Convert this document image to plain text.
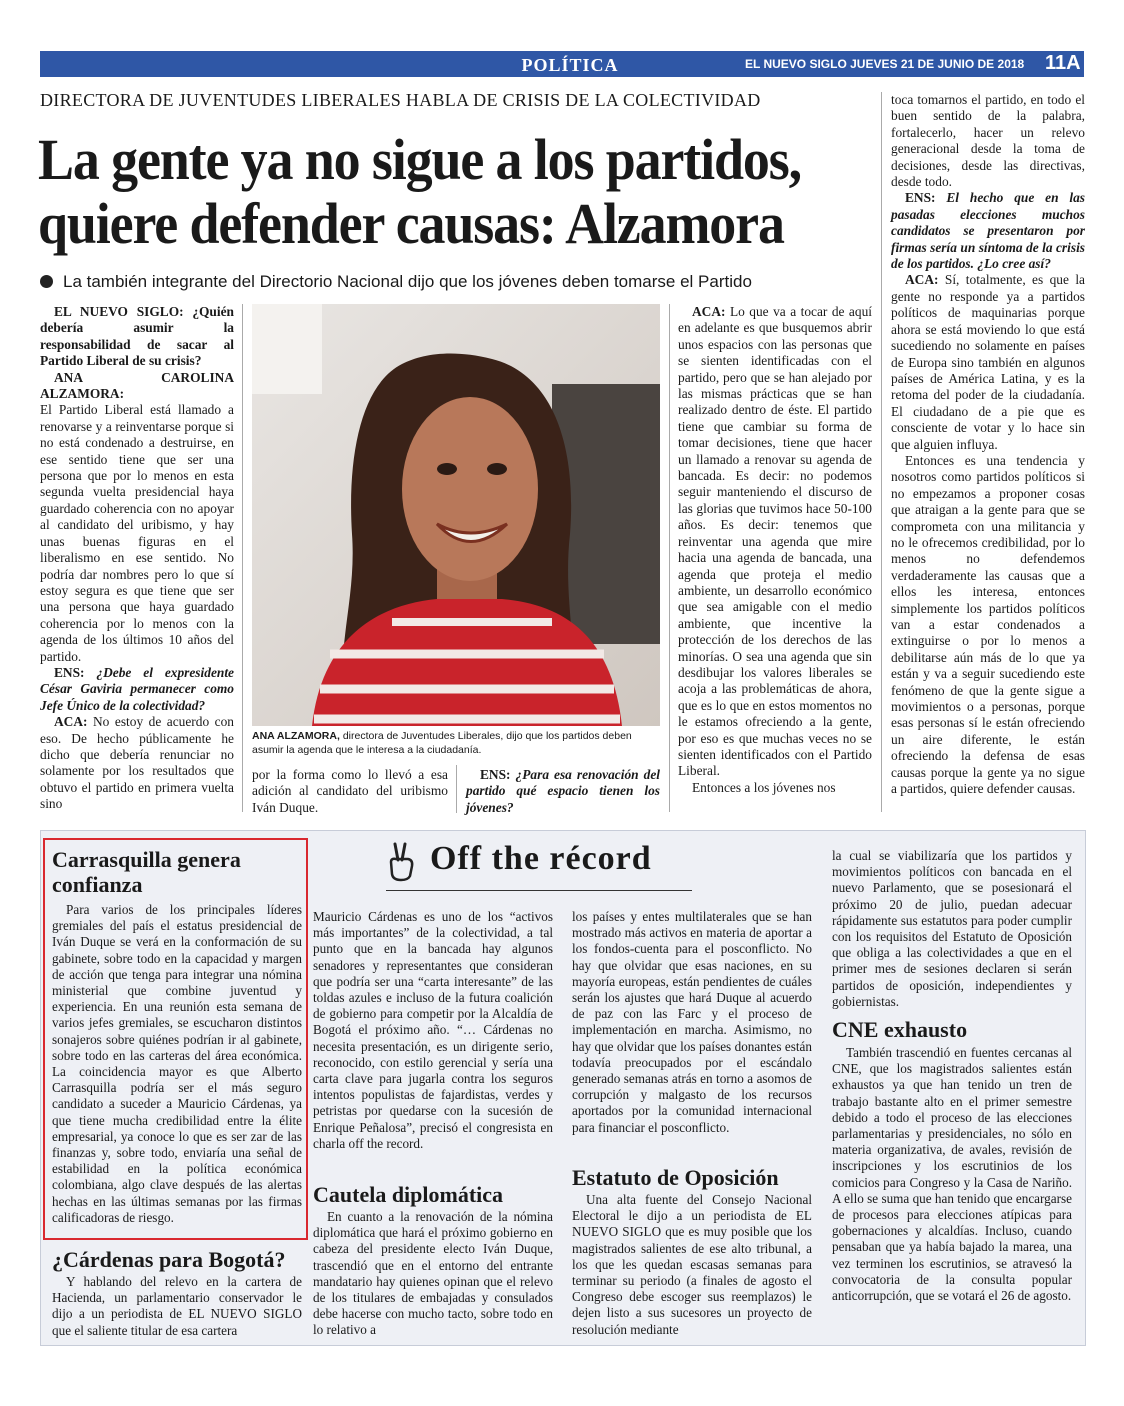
POLÍTICA	EL NUEVO SIGLO JUEVES 21 DE JUNIO DE 2018 11A
DIRECTORA DE JUVENTUDES LIBERALES HABLA DE CRISIS DE LA COLECTIVIDAD
La gente ya no sigue a los partidos,
quiere defender causas: Alzamora
La también integrante del Directorio Nacional dijo que los jóvenes deben tomarse el Partido

EL NUEVO SIGLO: ¿Quién debería asumir la responsabilidad de sacar al Partido Liberal de su crisis?

ANA CAROLINA ALZAMORA:

El Partido Liberal está llamado a renovarse y a reinventarse porque si no está condenado a destruirse, en ese sentido tiene que ser una persona que por lo menos en esta segunda vuelta presidencial haya guardado coherencia con no apoyar al candidato del uribismo, y hay unas buenas figuras en el liberalismo en ese sentido. No podría dar nombres pero lo que sí estoy segura es que tiene que ser una persona que haya guardado coherencia por lo menos con la agenda de los últimos 10 años del partido.

ENS: ¿Debe el expresidente César Gaviria permanecer como Jefe Único de la colectividad?

ACA: No estoy de acuerdo con eso. De hecho públicamente he dicho que debería renunciar no solamente por los resultados que obtuvo el partido en primera vuelta sino

ANA ALZAMORA, directora de Juventudes Liberales, dijo que los partidos deben asumir la agenda que le interesa a la ciudadanía.

por la forma como lo llevó a esa adición al candidato del uribismo Iván Duque.

ENS: ¿Para esa renovación del partido qué espacio tienen los jóvenes?

ACA: Lo que va a tocar de aquí en adelante es que busquemos abrir unos espacios con las personas que se sienten identificadas con el partido, pero que se han alejado por las mismas prácticas que se han realizado dentro de éste. El partido tiene que cambiar su forma de tomar decisiones, tiene que hacer un llamado a renovar su agenda de bancada. Es decir: no podemos seguir manteniendo el discurso de las glorias que tuvimos hace 50-100 años. Es decir: tenemos que reinventar una agenda que mire hacia una agenda de bancada, una agenda que proteja el medio ambiente, un desarrollo económico que sea amigable con el medio ambiente, que incentive la protección de los derechos de las minorías. O sea una agenda que sin desdibujar los valores liberales se acoja a las problemáticas de ahora, que es lo que en estos momentos no le estamos ofreciendo a la gente, por eso es que muchas veces no se sienten identificados con el Partido Liberal.

Entonces a los jóvenes nos

toca tomarnos el partido, en todo el buen sentido de la palabra, fortalecerlo, hacer un relevo generacional desde la toma de decisiones, desde las directivas, desde todo.

ENS: El hecho que en las pasadas elecciones muchos candidatos se presentaron por firmas sería un síntoma de la crisis de los partidos. ¿Lo cree así?

ACA: Sí, totalmente, es que la gente no responde ya a partidos políticos de maquinarias porque ahora se está moviendo lo que está sucediendo no solamente en países de Europa sino también en algunos países de América Latina, y es la retoma del poder de la ciudadanía. El ciudadano de a pie que es consciente de votar y lo hace sin que alguien influya.

Entonces es una tendencia y nosotros como partidos políticos si no empezamos a proponer cosas que atraigan a la gente para que se comprometa con una militancia y no le ofrecemos credibilidad, por lo menos no defendemos verdaderamente las causas que a ellos les interesa, entonces simplemente los partidos políticos van a estar condenados a extinguirse o por lo menos a debilitarse aún más de lo que ya están y va a seguir sucediendo este fenómeno de que la gente sigue a movimientos o a personas, porque esas personas sí le están ofreciendo un aire diferente, le están ofreciendo la defensa de esas causas porque la gente ya no sigue a partidos, quiere defender causas.

Off the récord
Carrasquilla genera confianza

Para varios de los principales líderes gremiales del país el estatus presidencial de Iván Duque se verá en la conformación de su gabinete, sobre todo en la capacidad y margen de acción que tenga para integrar una nómina ministerial que combine juventud y experiencia. En una reunión esta semana de varios jefes gremiales, se escucharon distintos sonajeros sobre quiénes podrían ir al gabinete, sobre todo en las carteras del área económica. La coincidencia mayor es que Alberto Carrasquilla podría ser el más seguro candidato a suceder a Mauricio Cárdenas, ya que tiene mucha credibilidad entre la élite empresarial, ya conoce lo que es ser zar de las finanzas y, sobre todo, enviaría una señal de estabilidad en la política económica colombiana, algo clave después de las alertas hechas en las últimas semanas por las firmas calificadoras de riesgo.

¿Cárdenas para Bogotá?

Y hablando del relevo en la cartera de Hacienda, un parlamentario conservador le dijo a un periodista de EL NUEVO SIGLO que el saliente titular de esa cartera

Mauricio Cárdenas es uno de los “activos más importantes” de la colectividad, a tal punto que en la bancada hay algunos senadores y representantes que consideran que podría ser una “carta interesante” de las toldas azules e incluso de la futura coalición de gobierno para competir por la Alcaldía de Bogotá el próximo año. “… Cárdenas no necesita presentación, es un dirigente serio, reconocido, con estilo gerencial y sería una carta clave para jugarla contra los seguros intentos populistas de fajardistas, verdes y petristas por quedarse con la sucesión de Enrique Peñalosa”, precisó el congresista en charla off the record.

Cautela diplomática

En cuanto a la renovación de la nómina diplomática que hará el próximo gobierno en cabeza del presidente electo Iván Duque, trascendió que en el entorno del entrante mandatario hay quienes opinan que el relevo de los titulares de embajadas y consulados debe hacerse con mucho tacto, sobre todo en lo relativo a

los países y entes multilaterales que se han mostrado más activos en materia de aportar a los fondos-cuenta para el posconflicto. No hay que olvidar que esas naciones, en su mayoría europeas, están pendientes de cuáles serán los ajustes que hará Duque al acuerdo de paz con las Farc y el proceso de implementación en marcha. Asimismo, no hay que olvidar que los países donantes están todavía preocupados por el escándalo generado semanas atrás en torno a asomos de corrupción y malgasto de los recursos aportados por la comunidad internacional para financiar el posconflicto.

Estatuto de Oposición

Una alta fuente del Consejo Nacional Electoral le dijo a un periodista de EL NUEVO SIGLO que es muy posible que los magistrados salientes de ese alto tribunal, a los que les quedan escasas semanas para terminar su periodo (a finales de agosto el Congreso debe escoger sus reemplazos) le dejen listo a sus sucesores un proyecto de resolución mediante

la cual se viabilizaría que los partidos y movimientos políticos con bancada en el nuevo Parlamento, que se posesionará el próximo 20 de julio, puedan adecuar rápidamente sus estatutos para poder cumplir con los requisitos del Estatuto de Oposición que obliga a las colectividades a que en el primer mes de sesiones declaren si serán partidos de oposición, independientes y gobiernistas.

CNE exhausto

También trascendió en fuentes cercanas al CNE, que los magistrados salientes están exhaustos ya que han tenido un tren de trabajo bastante alto en el primer semestre debido a todo el proceso de las elecciones parlamentarias y presidenciales, no sólo en materia organizativa, de avales, revisión de inscripciones y los escrutinios de los comicios para Congreso y la Casa de Nariño. A ello se suma que han tenido que encargarse de procesos para elecciones atípicas para gobernaciones y alcaldías. Incluso, cuando pensaban que ya había bajado la marea, una vez terminen los escrutinios, se atravesó la convocatoria de la consulta popular anticorrupción, que se votará el 26 de agosto.
